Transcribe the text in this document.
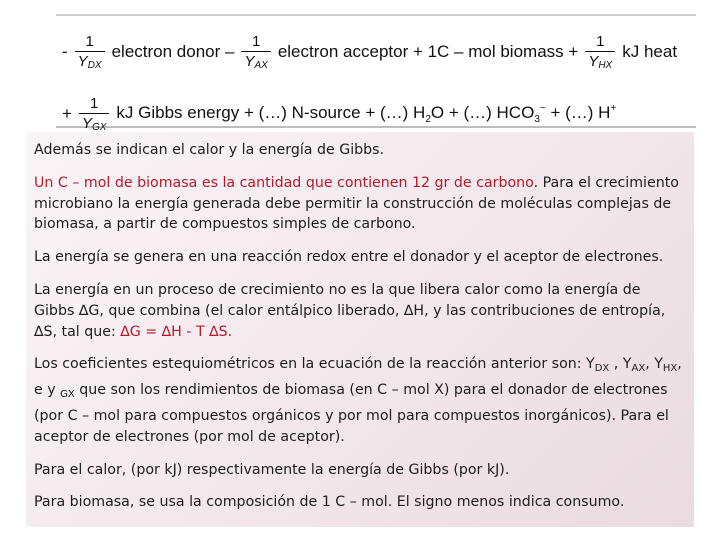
- $\frac{1}{Y_{DX}}$ electron donor – $\frac{1}{Y_{AX}}$ electron acceptor + 1C – mol biomass + $\frac{1}{Y_{HX}}$ kJ heat
+ $\frac{1}{Y_{GX}}$ kJ Gibbs energy + (…) N-source + (…) $H_2O$ + (…) $HCO_3^-$ + (…) H+

Además se indican el calor y la energía de Gibbs.

Un C – mol de biomasa es la cantidad que contienen 12 gr de carbono. Para el crecimiento microbiano la energía generada debe permitir la construcción de moléculas complejas de biomasa, a partir de compuestos simples de carbono.

La energía se genera en una reacción redox entre el donador y el aceptor de electrones.

La energía en un proceso de crecimiento no es la que libera calor como la energía de Gibbs ∆G, que combina (el calor entálpico liberado, ∆H, y las contribuciones de entropía, ∆S, tal que: ∆G = ∆H - T ∆S.

Los coeficientes estequiométricos en la ecuación de la reacción anterior son: $Y_{DX}$ , $Y_{AX}$, $Y_{HX}$, e y $_{GX}$ que son los rendimientos de biomasa (en C – mol X) para el donador de electrones (por C – mol para compuestos orgánicos y por mol para compuestos inorgánicos). Para el aceptor de electrones (por mol de aceptor).

Para el calor, (por kJ) respectivamente la energía de Gibbs (por kJ).

Para biomasa, se usa la composición de 1 C – mol. El signo menos indica consumo.
